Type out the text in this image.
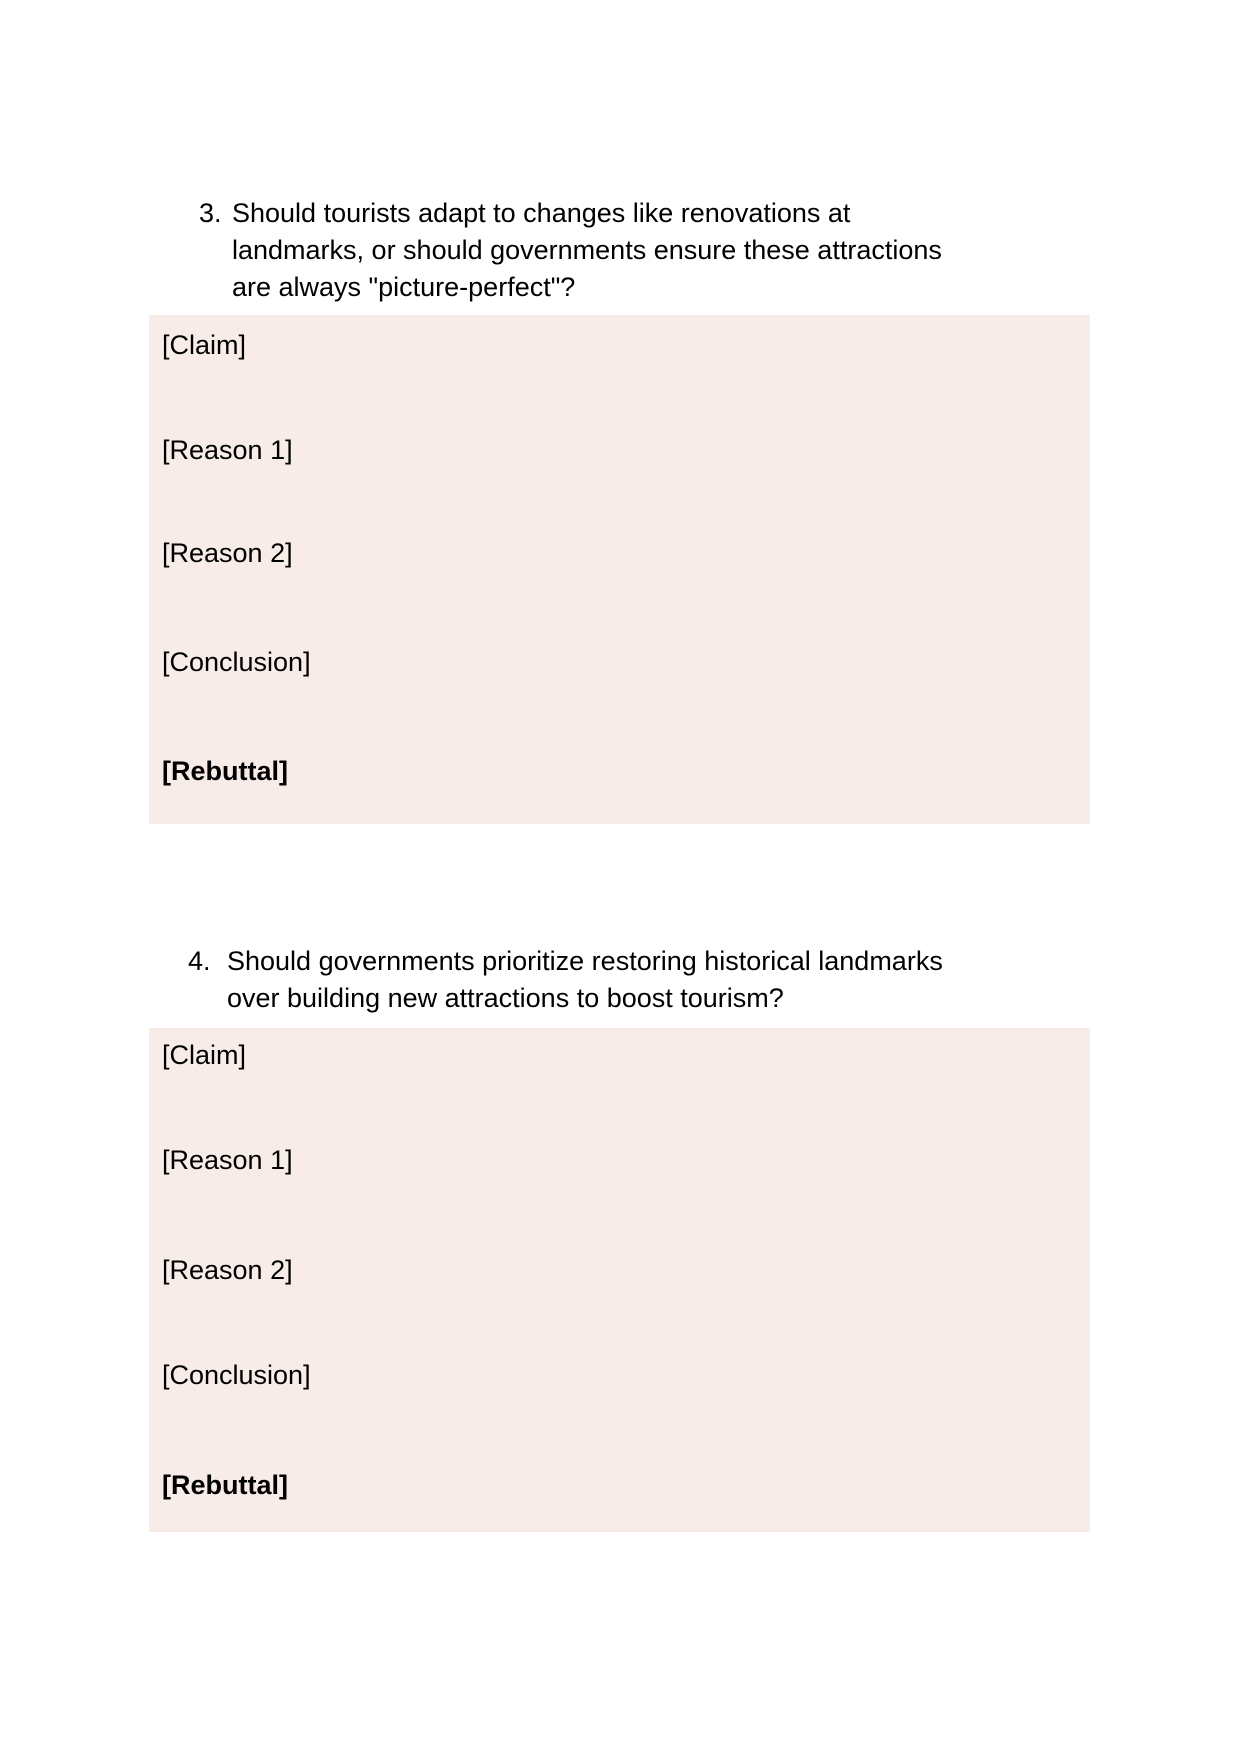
3. Should tourists adapt to changes like renovations at
landmarks, or should governments ensure these attractions
are always "picture-perfect"?
[Claim]
[Reason 1]
[Reason 2]
[Conclusion]
[Rebuttal]
4. Should governments prioritize restoring historical landmarks
over building new attractions to boost tourism?
[Claim]
[Reason 1]
[Reason 2]
[Conclusion]
[Rebuttal]
